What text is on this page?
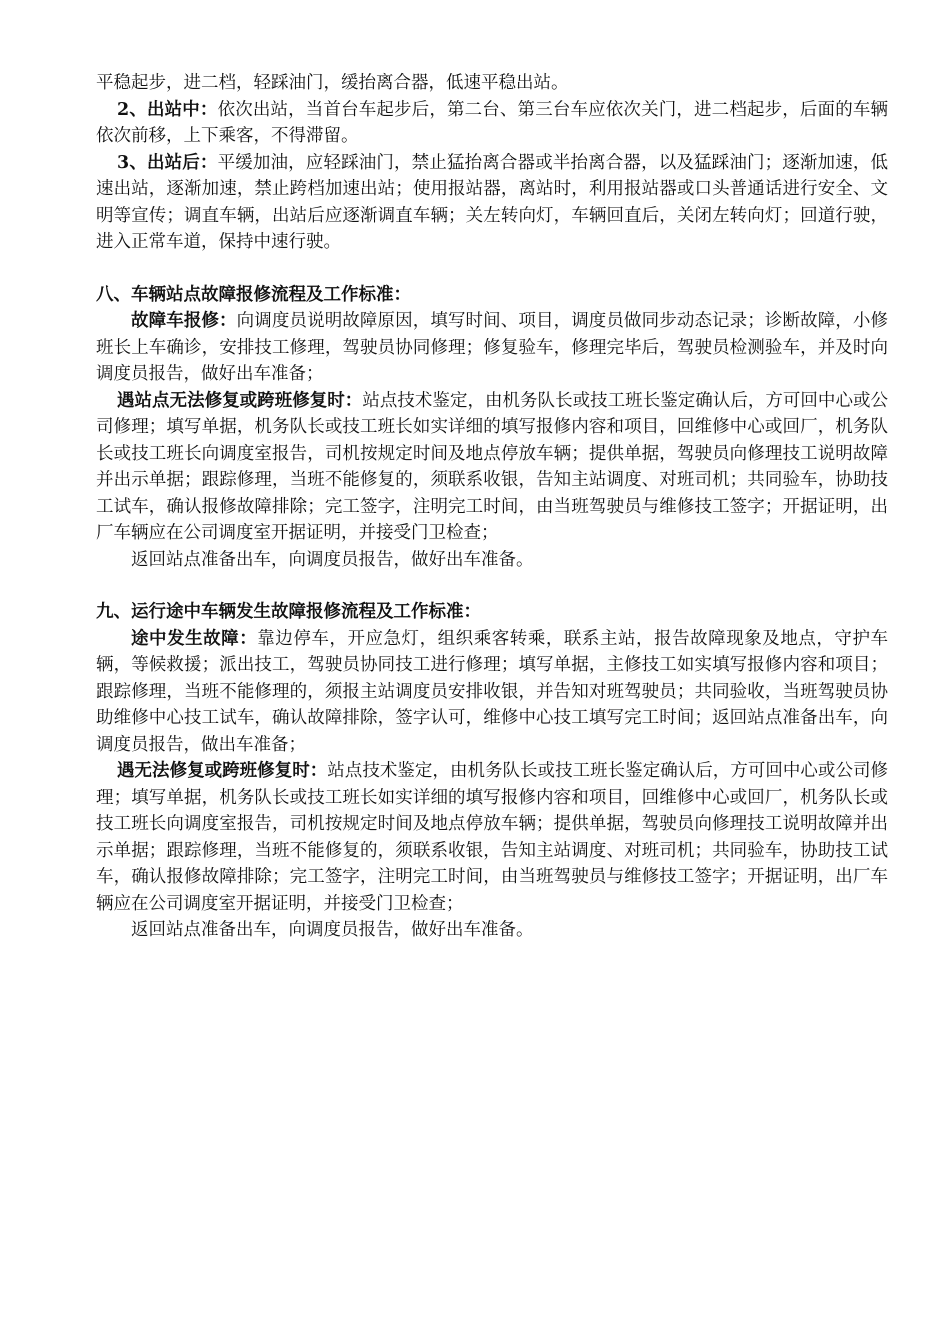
平稳起步，进二档，轻踩油门，缓抬离合器，低速平稳出站。

2、出站中：依次出站，当首台车起步后，第二台、第三台车应依次关门，进二档起步，后面的车辆依次前移，上下乘客，不得滞留。

3、出站后：平缓加油，应轻踩油门，禁止猛抬离合器或半抬离合器，以及猛踩油门；逐渐加速，低速出站，逐渐加速，禁止跨档加速出站；使用报站器，离站时，利用报站器或口头普通话进行安全、文明等宣传；调直车辆，出站后应逐渐调直车辆；关左转向灯，车辆回直后，关闭左转向灯；回道行驶，进入正常车道，保持中速行驶。

八、车辆站点故障报修流程及工作标准：

故障车报修：向调度员说明故障原因，填写时间、项目，调度员做同步动态记录；诊断故障，小修班长上车确诊，安排技工修理，驾驶员协同修理；修复验车，修理完毕后，驾驶员检测验车，并及时向调度员报告，做好出车准备；

遇站点无法修复或跨班修复时：站点技术鉴定，由机务队长或技工班长鉴定确认后，方可回中心或公司修理；填写单据，机务队长或技工班长如实详细的填写报修内容和项目，回维修中心或回厂，机务队长或技工班长向调度室报告，司机按规定时间及地点停放车辆；提供单据，驾驶员向修理技工说明故障并出示单据；跟踪修理，当班不能修复的，须联系收银，告知主站调度、对班司机；共同验车，协助技工试车，确认报修故障排除；完工签字，注明完工时间，由当班驾驶员与维修技工签字；开据证明，出厂车辆应在公司调度室开据证明，并接受门卫检查；

返回站点准备出车，向调度员报告，做好出车准备。

九、运行途中车辆发生故障报修流程及工作标准：

途中发生故障：靠边停车，开应急灯，组织乘客转乘，联系主站，报告故障现象及地点，守护车辆，等候救援；派出技工，驾驶员协同技工进行修理；填写单据，主修技工如实填写报修内容和项目；跟踪修理，当班不能修理的，须报主站调度员安排收银，并告知对班驾驶员；共同验收，当班驾驶员协助维修中心技工试车，确认故障排除，签字认可，维修中心技工填写完工时间；返回站点准备出车，向调度员报告，做出车准备；

遇无法修复或跨班修复时：站点技术鉴定，由机务队长或技工班长鉴定确认后，方可回中心或公司修理；填写单据，机务队长或技工班长如实详细的填写报修内容和项目，回维修中心或回厂，机务队长或技工班长向调度室报告，司机按规定时间及地点停放车辆；提供单据，驾驶员向修理技工说明故障并出示单据；跟踪修理，当班不能修复的，须联系收银，告知主站调度、对班司机；共同验车，协助技工试车，确认报修故障排除；完工签字，注明完工时间，由当班驾驶员与维修技工签字；开据证明，出厂车辆应在公司调度室开据证明，并接受门卫检查；

返回站点准备出车，向调度员报告，做好出车准备。
